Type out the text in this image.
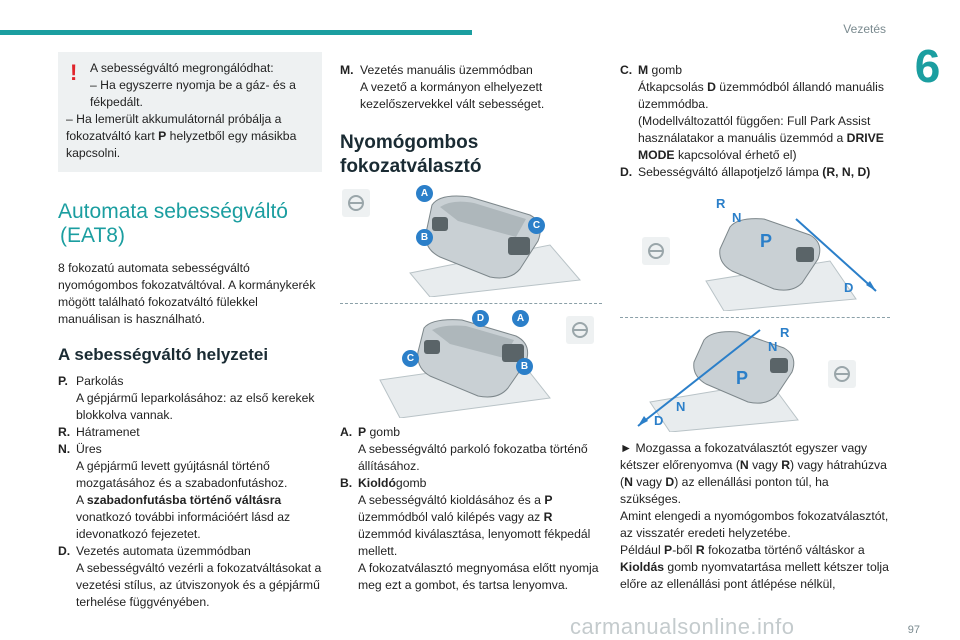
Vezetés
6
!	A sebességváltó megrongálódhat:
– Ha egyszerre nyomja be a gáz- és a fékpedált.
– Ha lemerült akkumulátornál próbálja a fokozatváltó kart P helyzetből egy másikba kapcsolni.
Automata sebességváltó
(EAT8)

8 fokozatú automata sebességváltó nyomógombos fokozatváltóval. A kormánykerék mögött található fokozatváltó fülekkel manuálisan is használható.

A sebességváltó helyzetei
P. Parkolás
A gépjármű leparkolásához: az első kerekek blokkolva vannak.
R. Hátramenet
N. Üres
A gépjármű levett gyújtásnál történő mozgatásához és a szabadonfutáshoz.
A szabadonfutásba történő váltásra vonatkozó további információért lásd az idevonatkozó fejezetet.
D. Vezetés automata üzemmódban
A sebességváltó vezérli a fokozatváltásokat a vezetési stílus, az útviszonyok és a gépjármű terhelése függvényében.
M. Vezetés manuális üzemmódban
A vezető a kormányon elhelyezett kezelőszervekkel vált sebességet.
Nyomógombos
fokozatválasztó
A
B
C
D	A
C
B
A. P gomb
A sebességváltó parkoló fokozatba történő állításához.
B. Kioldógomb
A sebességváltó kioldásához és a P üzemmódból való kilépés vagy az R üzemmód kiválasztása, lenyomott fékpedál mellett.
A fokozatválasztó megnyomása előtt nyomja meg ezt a gombot, és tartsa lenyomva.
C. M gomb
Átkapcsolás D üzemmódból állandó manuális üzemmódba.
(Modellváltozattól függően: Full Park Assist használatakor a manuális üzemmód a DRIVE MODE kapcsolóval érhető el)
D. Sebességváltó állapotjelző lámpa (R, N, D)
R
N
P
D
R
N
P
N
D

► Mozgassa a fokozatválasztót egyszer vagy kétszer előrenyomva (N vagy R) vagy hátrahúzva (N vagy D) az ellenállási ponton túl, ha szükséges.
Amint elengedi a nyomógombos fokozatválasztót, az visszatér eredeti helyzetébe.
Például P-ből R fokozatba történő váltáskor a Kioldás gomb nyomvatartása mellett kétszer tolja előre az ellenállási pont átlépése nélkül,

carmanualsonline.info	97
